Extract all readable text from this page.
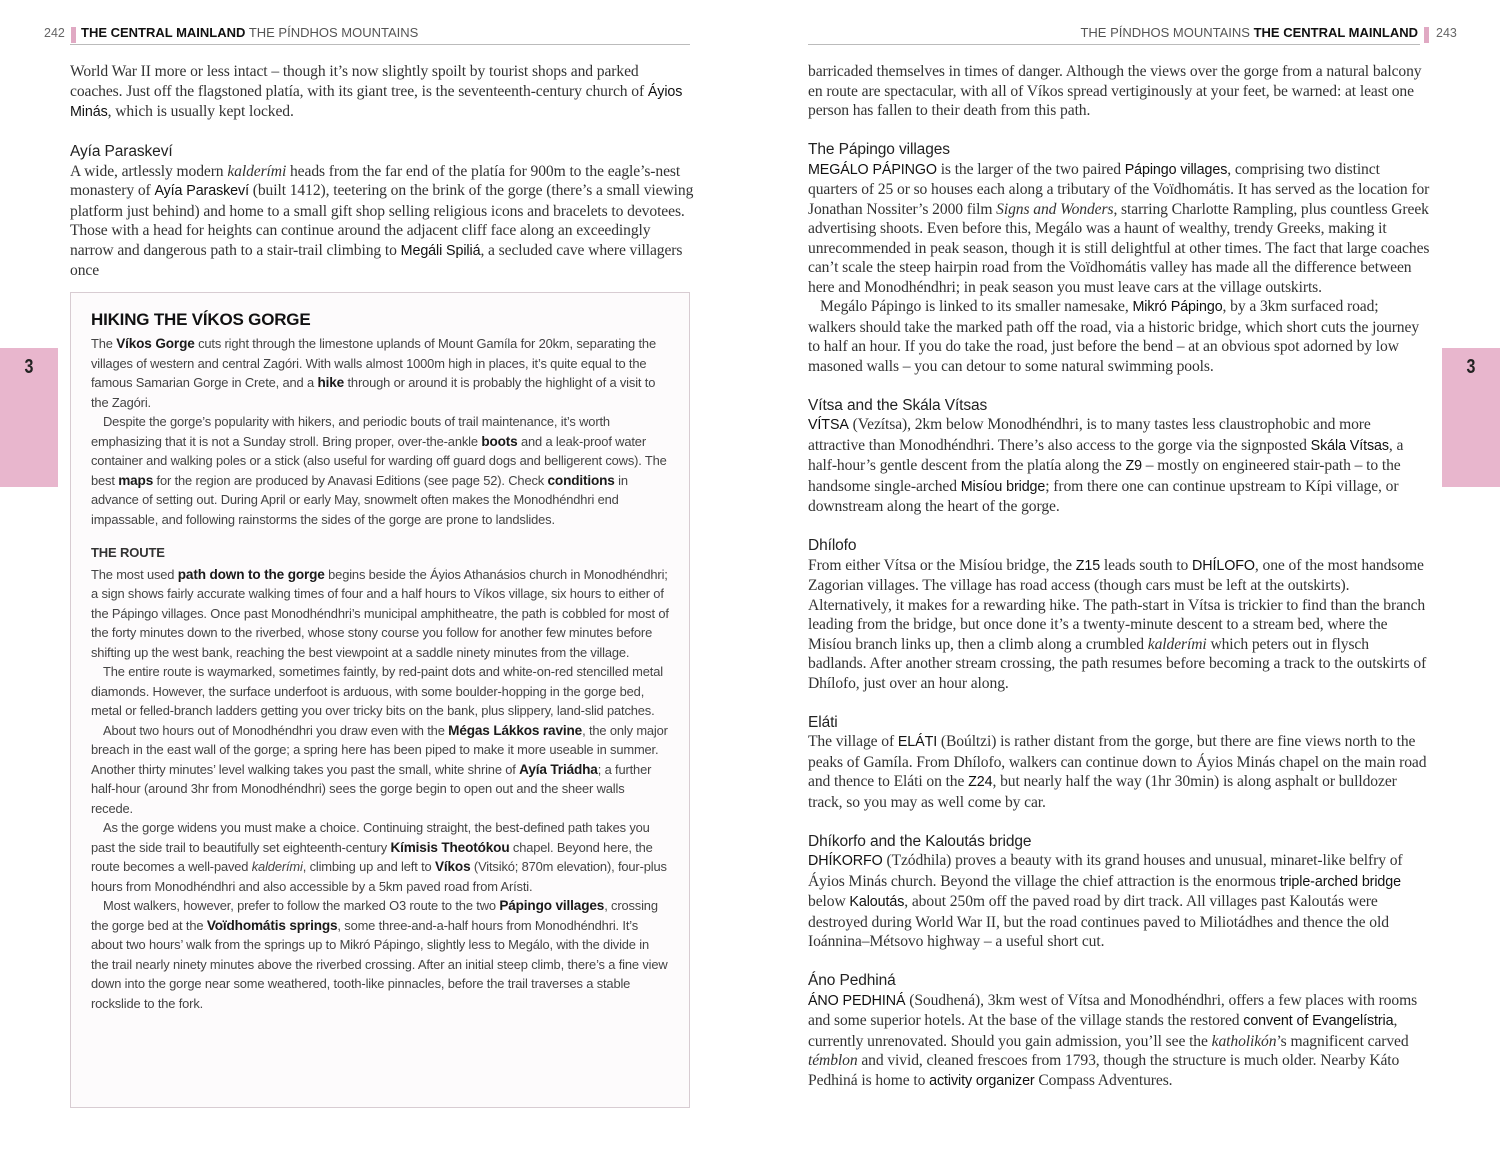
242 THE CENTRAL MAINLAND THE PÍNDHOS MOUNTAINS	THE PÍNDHOS MOUNTAINS THE CENTRAL MAINLAND 243
3	3

World War II more or less intact – though it’s now slightly spoilt by tourist shops and parked coaches. Just off the flagstoned platía, with its giant tree, is the seventeenth-century church of Áyios Minás, which is usually kept locked.

Ayía Paraskeví

A wide, artlessly modern kalderími heads from the far end of the platía for 900m to the eagle’s-nest monastery of Ayía Paraskeví (built 1412), teetering on the brink of the gorge (there’s a small viewing platform just behind) and home to a small gift shop selling religious icons and bracelets to devotees. Those with a head for heights can continue around the adjacent cliff face along an exceedingly narrow and dangerous path to a stair-trail climbing to Megáli Spiliá, a secluded cave where villagers once

HIKING THE VÍKOS GORGE

The Víkos Gorge cuts right through the limestone uplands of Mount Gamíla for 20km, separating the villages of western and central Zagóri. With walls almost 1000m high in places, it’s quite equal to the famous Samarian Gorge in Crete, and a hike through or around it is probably the highlight of a visit to the Zagóri.

Despite the gorge’s popularity with hikers, and periodic bouts of trail maintenance, it’s worth emphasizing that it is not a Sunday stroll. Bring proper, over-the-ankle boots and a leak-proof water container and walking poles or a stick (also useful for warding off guard dogs and belligerent cows). The best maps for the region are produced by Anavasi Editions (see page 52). Check conditions in advance of setting out. During April or early May, snowmelt often makes the Monodhéndhri end impassable, and following rainstorms the sides of the gorge are prone to landslides.

THE ROUTE

The most used path down to the gorge begins beside the Áyios Athanásios church in Monodhéndhri; a sign shows fairly accurate walking times of four and a half hours to Víkos village, six hours to either of the Pápingo villages. Once past Monodhéndhri’s municipal amphitheatre, the path is cobbled for most of the forty minutes down to the riverbed, whose stony course you follow for another few minutes before shifting up the west bank, reaching the best viewpoint at a saddle ninety minutes from the village.

The entire route is waymarked, sometimes faintly, by red-paint dots and white-on-red stencilled metal diamonds. However, the surface underfoot is arduous, with some boulder-hopping in the gorge bed, metal or felled-branch ladders getting you over tricky bits on the bank, plus slippery, land-slid patches.

About two hours out of Monodhéndhri you draw even with the Mégas Lákkos ravine, the only major breach in the east wall of the gorge; a spring here has been piped to make it more useable in summer. Another thirty minutes’ level walking takes you past the small, white shrine of Ayía Triádha; a further half-hour (around 3hr from Monodhéndhri) sees the gorge begin to open out and the sheer walls recede.

As the gorge widens you must make a choice. Continuing straight, the best-defined path takes you past the side trail to beautifully set eighteenth-century Kímisis Theotókou chapel. Beyond here, the route becomes a well-paved kalderími, climbing up and left to Víkos (Vitsikó; 870m elevation), four-plus hours from Monodhéndhri and also accessible by a 5km paved road from Arísti.

Most walkers, however, prefer to follow the marked O3 route to the two Pápingo villages, crossing the gorge bed at the Voïdhomátis springs, some three-and-a-half hours from Monodhéndhri. It’s about two hours’ walk from the springs up to Mikró Pápingo, slightly less to Megálo, with the divide in the trail nearly ninety minutes above the riverbed crossing. After an initial steep climb, there’s a fine view down into the gorge near some weathered, tooth-like pinnacles, before the trail traverses a stable rockslide to the fork.

barricaded themselves in times of danger. Although the views over the gorge from a natural balcony en route are spectacular, with all of Víkos spread vertiginously at your feet, be warned: at least one person has fallen to their death from this path.

The Pápingo villages

MEGÁLO PÁPINGO is the larger of the two paired Pápingo villages, comprising two distinct quarters of 25 or so houses each along a tributary of the Voïdhomátis. It has served as the location for Jonathan Nossiter’s 2000 film Signs and Wonders, starring Charlotte Rampling, plus countless Greek advertising shoots. Even before this, Megálo was a haunt of wealthy, trendy Greeks, making it unrecommended in peak season, though it is still delightful at other times. The fact that large coaches can’t scale the steep hairpin road from the Voïdhomátis valley has made all the difference between here and Monodhéndhri; in peak season you must leave cars at the village outskirts.

Megálo Pápingo is linked to its smaller namesake, Mikró Pápingo, by a 3km surfaced road; walkers should take the marked path off the road, via a historic bridge, which short cuts the journey to half an hour. If you do take the road, just before the bend – at an obvious spot adorned by low masoned walls – you can detour to some natural swimming pools.

Vítsa and the Skála Vítsas

VÍTSA (Vezítsa), 2km below Monodhéndhri, is to many tastes less claustrophobic and more attractive than Monodhéndhri. There’s also access to the gorge via the signposted Skála Vítsas, a half-hour’s gentle descent from the platía along the Z9 – mostly on engineered stair-path – to the handsome single-arched Misíou bridge; from there one can continue upstream to Kípi village, or downstream along the heart of the gorge.

Dhílofo

From either Vítsa or the Misíou bridge, the Z15 leads south to DHÍLOFO, one of the most handsome Zagorian villages. The village has road access (though cars must be left at the outskirts). Alternatively, it makes for a rewarding hike. The path-start in Vítsa is trickier to find than the branch leading from the bridge, but once done it’s a twenty-minute descent to a stream bed, where the Misíou branch links up, then a climb along a crumbled kalderími which peters out in flysch badlands. After another stream crossing, the path resumes before becoming a track to the outskirts of Dhílofo, just over an hour along.

Eláti

The village of ELÁTI (Boúltzi) is rather distant from the gorge, but there are fine views north to the peaks of Gamíla. From Dhílofo, walkers can continue down to Áyios Minás chapel on the main road and thence to Eláti on the Z24, but nearly half the way (1hr 30min) is along asphalt or bulldozer track, so you may as well come by car.

Dhíkorfo and the Kaloutás bridge

DHÍKORFO (Tzódhila) proves a beauty with its grand houses and unusual, minaret-like belfry of Áyios Minás church. Beyond the village the chief attraction is the enormous triple-arched bridge below Kaloutás, about 250m off the paved road by dirt track. All villages past Kaloutás were destroyed during World War II, but the road continues paved to Miliotádhes and thence the old Ioánnina–Métsovo highway – a useful short cut.

Áno Pedhiná

ÁNO PEDHINÁ (Soudhená), 3km west of Vítsa and Monodhéndhri, offers a few places with rooms and some superior hotels. At the base of the village stands the restored convent of Evangelístria, currently unrenovated. Should you gain admission, you’ll see the katholikón’s magnificent carved témblon and vivid, cleaned frescoes from 1793, though the structure is much older. Nearby Káto Pedhiná is home to activity organizer Compass Adventures.
